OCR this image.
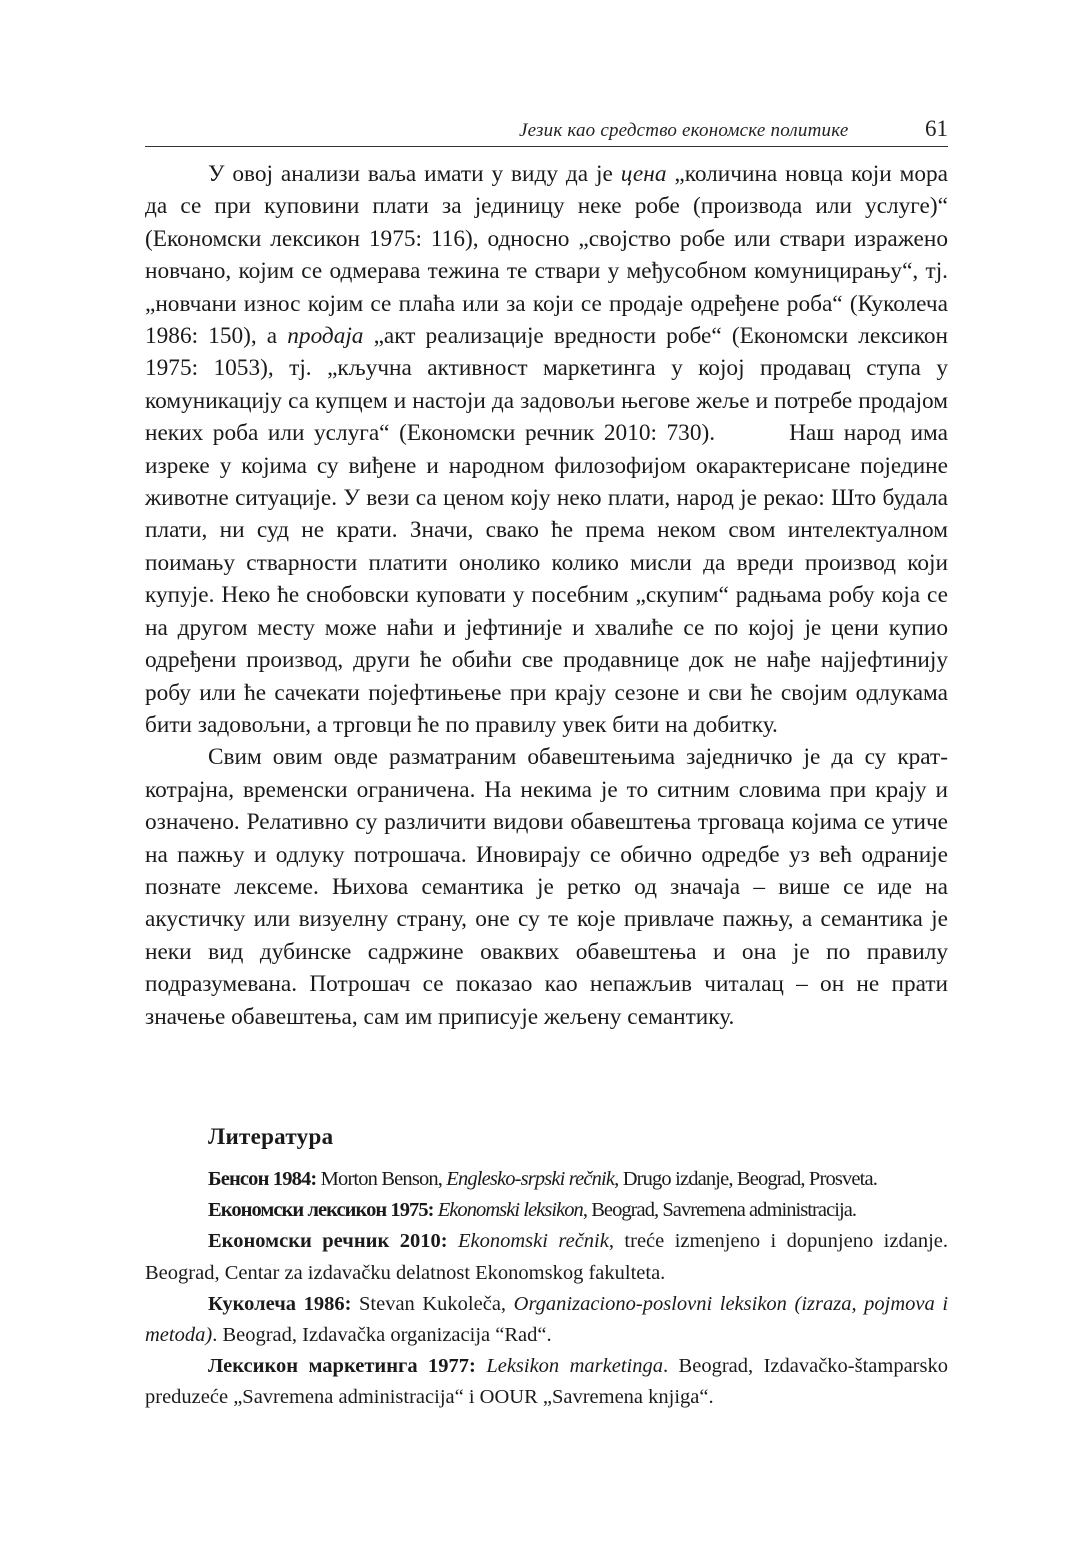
Језик као средство економске политике	61

У овој анализи ваља имати у виду да је цена „количина новца који мора да се при куповини плати за јединицу неке робе (производа или услуге)“ (Економски лексикон 1975: 116), односно „својство робе или ствари изражено новчано, којим се одмерава тежина те ствари у међусобном комуницирању“, тј. „новчани износ којим се плаћа или за који се продаје одређене роба“ (Куколеча 1986: 150), а продаја „акт реализације вредности робе“ (Економски лексикон 1975: 1053), тј. „кључна активност маркетинга у којој продавац ступа у комуникацију са купцем и настоји да задовољи његове жеље и потребе продајом неких роба или услуга“ (Економски речник 2010: 730).	Наш народ има изреке у којима су виђене и народном филозофијом окарактерисане поједине животне ситуације. У вези са ценом коју неко плати, народ је рекао: Што будала плати, ни суд не крати. Значи, свако ће према неком свом интелектуалном поимању стварности платити онолико колико мисли да вреди производ који купује. Неко ће снобовски куповати у посебним „скупим“ радњама робу која се на другом месту може наћи и јефтиније и хвалиће се по којој је цени купио одређени производ, други ће обићи све продавнице док не нађе најјефтинију робу или ће сачекати појефтињење при крају сезоне и сви ће својим одлукама бити задовољни, а трговци ће по правилу увек бити на добитку.

Свим овим овде разматраним обавештењима заједничко је да су краткотрајна, временски ограничена. На некима је то ситним словима при крају и означено. Релативно су различити видови обавештења трговаца којима се утиче на пажњу и одлуку потрошача. Иновирају се обично одредбе уз већ одраније познате лексеме. Њихова семантика је ретко од значаја – више се иде на акустичку или визуелну страну, оне су те које привлаче пажњу, а семантика је неки вид дубинске садржине оваквих обавештења и она је по правилу подразумевана. Потрошач се показао као непажљив читалац – он не прати значење обавештења, сам им приписује жељену семантику.

Литература

Бенсон 1984: Morton Benson, Englesko-srpski rečnik, Drugo izdanje, Beograd, Prosveta.

Економски лексикон 1975: Ekonomski leksikon, Beograd, Savremena administracija.

Економски речник 2010: Ekonomski rečnik, treće izmenjeno i dopunjeno izdanje. Beograd, Centar za izdavačku delatnost Ekonomskog fakulteta.

Куколеча 1986: Stevan Kukoleča, Organizaciono-poslovni leksikon (izraza, pojmova i metoda). Beograd, Izdavačka organizacija “Rad“.

Лексикон маркетинга 1977: Leksikon marketinga. Beograd, Izdavačko-štamparsko preduzeće „Savremena administracija“ i OOUR „Savremena knjiga“.
